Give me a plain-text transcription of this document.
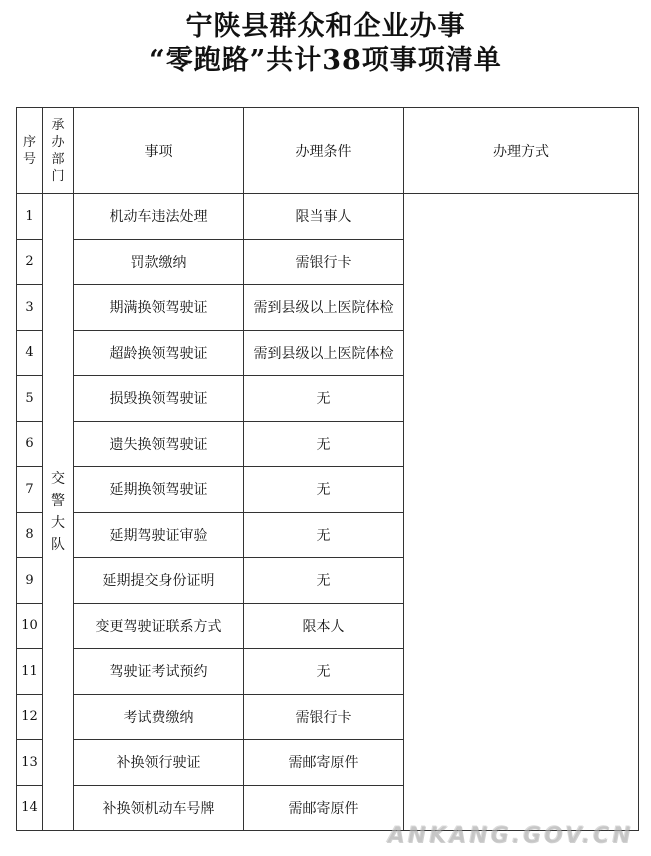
宁陕县群众和企业办事
“零跑路”共计38项事项清单
序号	承办部门	事项	办理条件	办理方式
1	交警大队	机动车违法处理	限当事人	
2		罚款缴纳	需银行卡	
3		期满换领驾驶证	需到县级以上医院体检	
4		超龄换领驾驶证	需到县级以上医院体检	
5		损毁换领驾驶证	无	
6		遗失换领驾驶证	无	
7		延期换领驾驶证	无	
8		延期驾驶证审验	无	
9		延期提交身份证明	无	
10		变更驾驶证联系方式	限本人	
11		驾驶证考试预约	无	
12		考试费缴纳	需银行卡	
13		补换领行驶证	需邮寄原件	
14		补换领机动车号牌	需邮寄原件	
ANKANG.GOV.CN
